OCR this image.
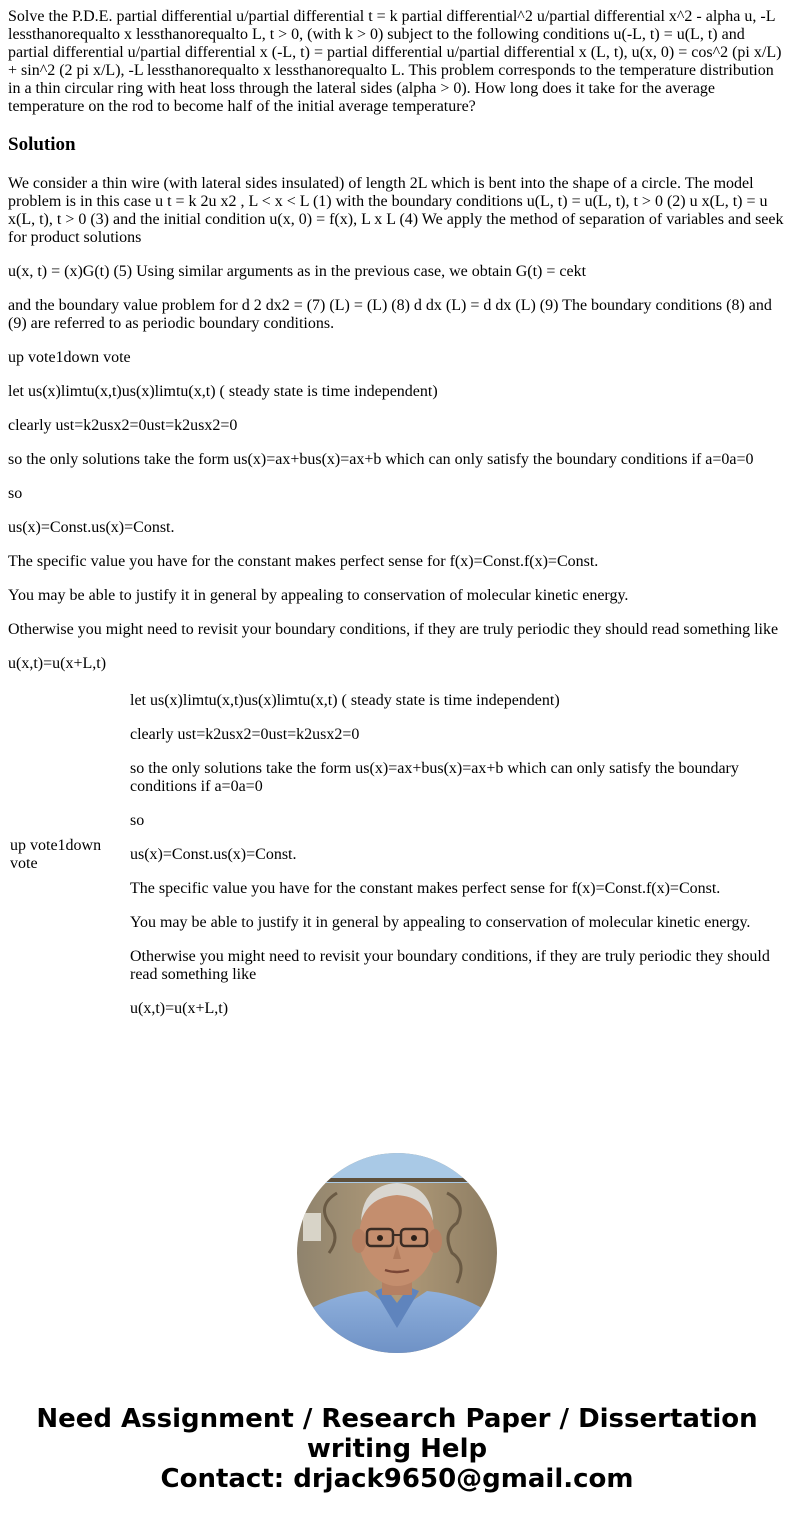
Solve the P.D.E. partial differential u/partial differential t = k partial differential^2 u/partial differential x^2 - alpha u, -L lessthanorequalto x lessthanorequalto L, t > 0, (with k > 0) subject to the following conditions u(-L, t) = u(L, t) and partial differential u/partial differential x (-L, t) = partial differential u/partial differential x (L, t), u(x, 0) = cos^2 (pi x/L) + sin^2 (2 pi x/L), -L lessthanorequalto x lessthanorequalto L. This problem corresponds to the temperature distribution in a thin circular ring with heat loss through the lateral sides (alpha > 0). How long does it take for the average temperature on the rod to become half of the initial average temperature?

Solution

We consider a thin wire (with lateral sides insulated) of length 2L which is bent into the shape of a circle. The model problem is in this case u t = k 2u x2 , L < x < L (1) with the boundary conditions u(L, t) = u(L, t), t > 0 (2) u x(L, t) = u x(L, t), t > 0 (3) and the initial condition u(x, 0) = f(x), L x L (4) We apply the method of separation of variables and seek for product solutions

u(x, t) = (x)G(t) (5) Using similar arguments as in the previous case, we obtain G(t) = cekt

and the boundary value problem for d 2 dx2 = (7) (L) = (L) (8) d dx (L) = d dx (L) (9) The boundary conditions (8) and (9) are referred to as periodic boundary conditions.

up vote1down vote

let us(x)limtu(x,t)us(x)limtu(x,t) ( steady state is time independent)

clearly ust=k2usx2=0ust=k2usx2=0

so the only solutions take the form us(x)=ax+bus(x)=ax+b which can only satisfy the boundary conditions if a=0a=0

so

us(x)=Const.us(x)=Const.

The specific value you have for the constant makes perfect sense for f(x)=Const.f(x)=Const.

You may be able to justify it in general by appealing to conservation of molecular kinetic energy.

Otherwise you might need to revisit your boundary conditions, if they are truly periodic they should read something like

u(x,t)=u(x+L,t)

up vote1down vote	

let us(x)limtu(x,t)us(x)limtu(x,t) ( steady state is time independent)

clearly ust=k2usx2=0ust=k2usx2=0

so the only solutions take the form us(x)=ax+bus(x)=ax+b which can only satisfy the boundary conditions if a=0a=0

so

us(x)=Const.us(x)=Const.

The specific value you have for the constant makes perfect sense for f(x)=Const.f(x)=Const.

You may be able to justify it in general by appealing to conservation of molecular kinetic energy.

Otherwise you might need to revisit your boundary conditions, if they are truly periodic they should read something like

u(x,t)=u(x+L,t)

Need Assignment / Research Paper / Dissertation
writing Help
Contact: drjack9650@gmail.com
